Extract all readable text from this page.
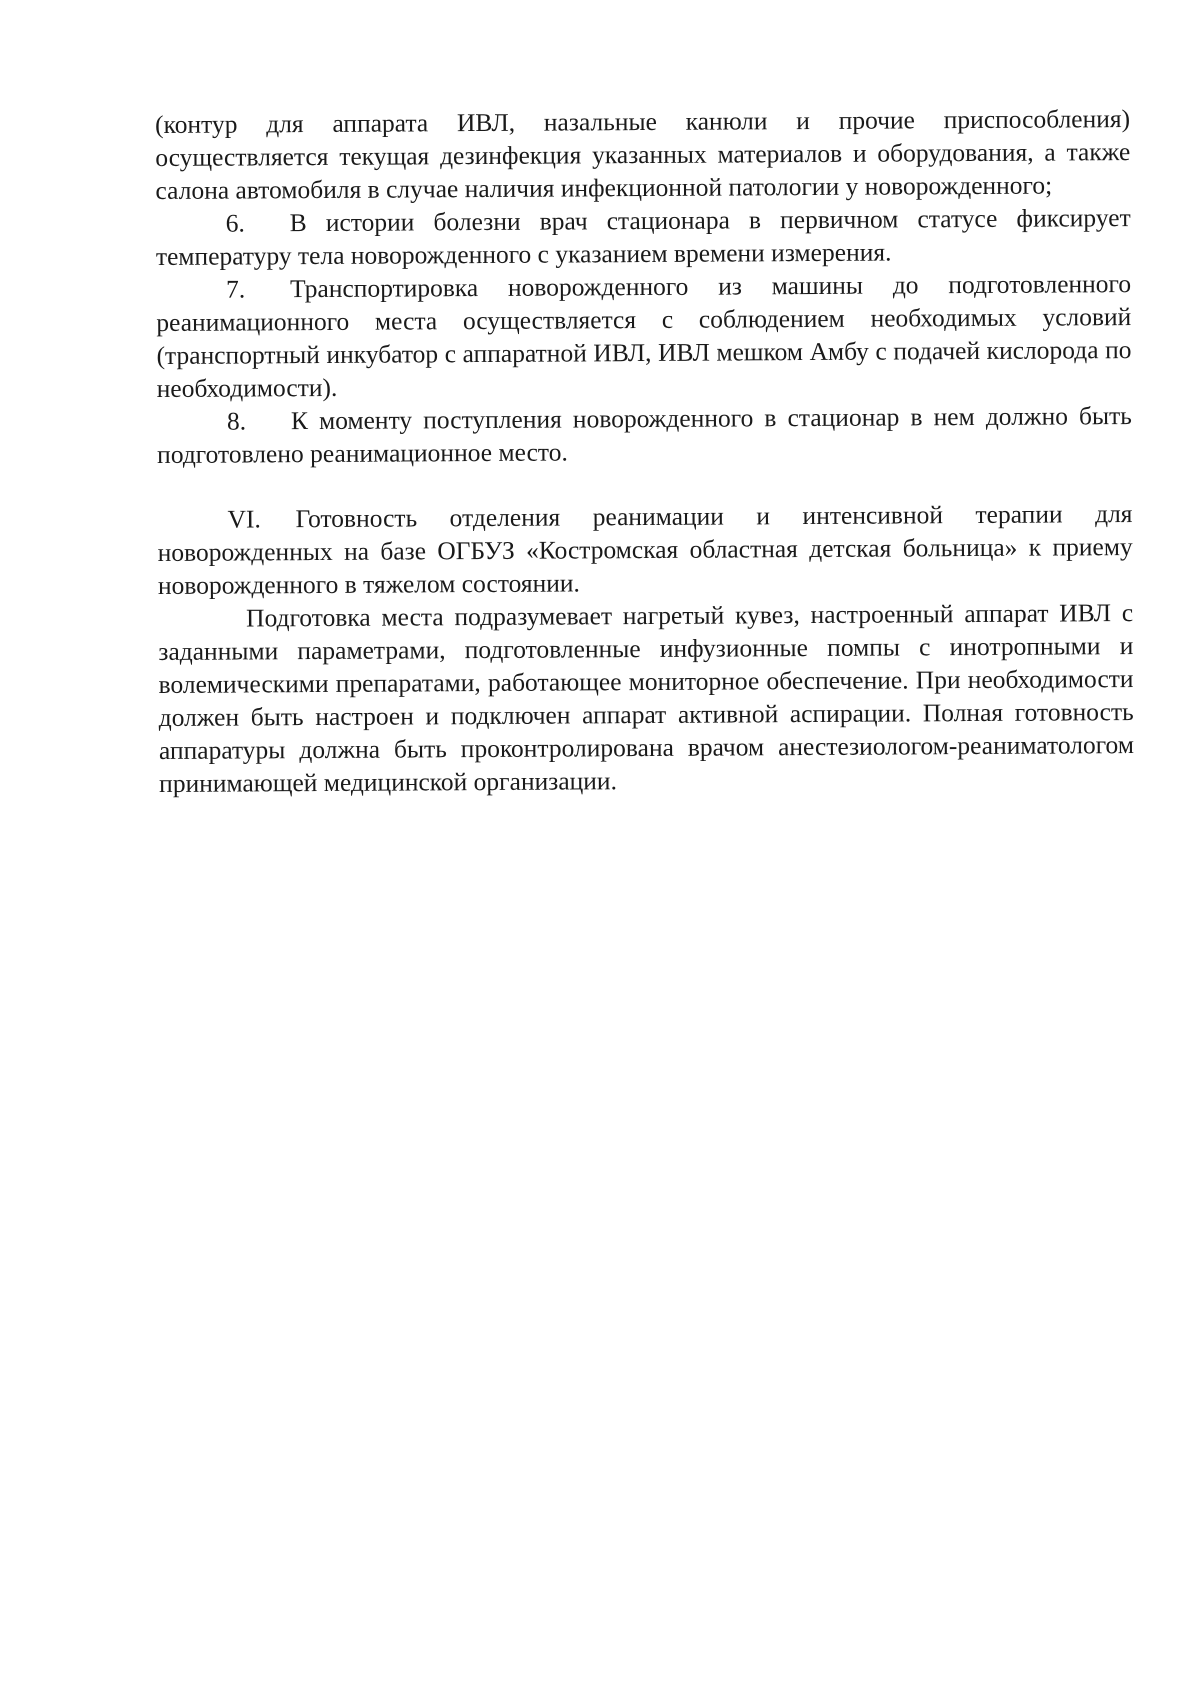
(контур для аппарата ИВЛ, назальные канюли и прочие приспособления) осуществляется текущая дезинфекция указанных материалов и оборудования, а также салона автомобиля в случае наличия инфекционной патологии у новорожденного;

6. В истории болезни врач стационара в первичном статусе фиксирует температуру тела новорожденного с указанием времени измерения.

7. Транспортировка новорожденного из машины до подготовленного реанимационного места осуществляется с соблюдением необходимых условий (транспортный инкубатор с аппаратной ИВЛ, ИВЛ мешком Амбу с подачей кислорода по необходимости).

8. К моменту поступления новорожденного в стационар в нем должно быть подготовлено реанимационное место.

VI. Готовность отделения реанимации и интенсивной терапии для новорожденных на базе ОГБУЗ «Костромская областная детская больница» к приему новорожденного в тяжелом состоянии.

Подготовка места подразумевает нагретый кувез, настроенный аппарат ИВЛ с заданными параметрами, подготовленные инфузионные помпы с инотропными и волемическими препаратами, работающее мониторное обеспечение. При необходимости должен быть настроен и подключен аппарат активной аспирации. Полная готовность аппаратуры должна быть проконтролирована врачом анестезиологом-реаниматологом принимающей медицинской организации.
